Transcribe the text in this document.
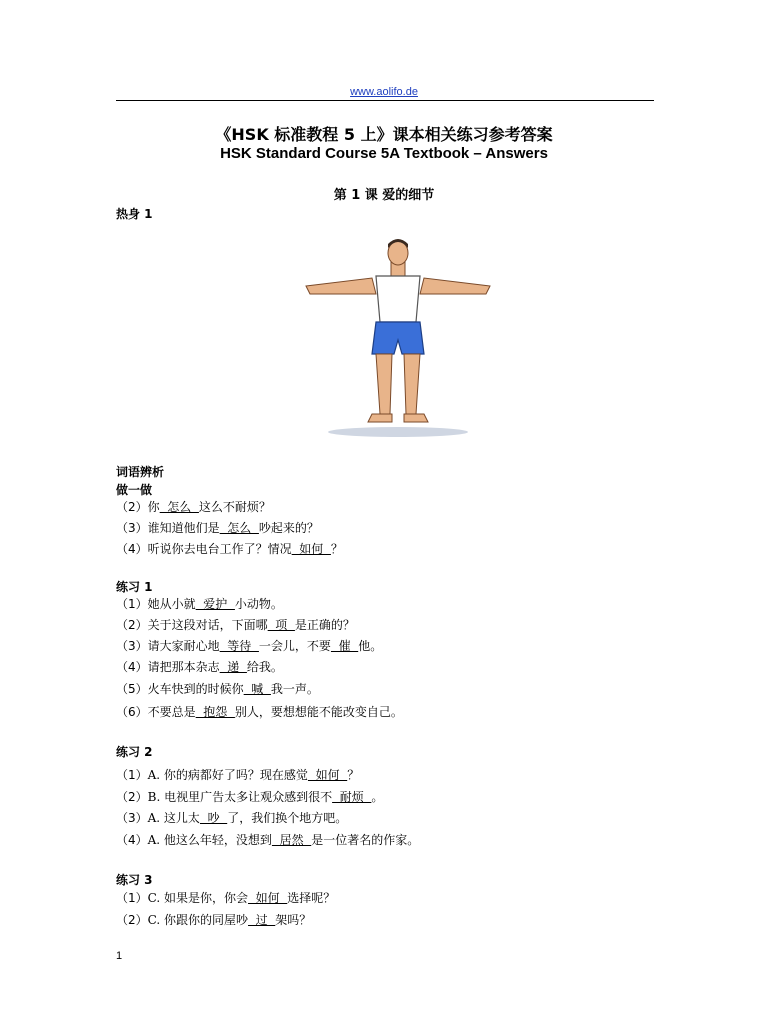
www.aolifo.de
《HSK 标准教程 5 上》课本相关练习参考答案
HSK Standard Course 5A Textbook – Answers
第 1 课 爱的细节
热身 1
词语辨析
做一做
（2）你  怎么  这么不耐烦？
（3）谁知道他们是  怎么  吵起来的？
（4）听说你去电台工作了？情况  如何  ？
练习 1
（1）她从小就  爱护  小动物。
（2）关于这段对话，下面哪  项  是正确的？
（3）请大家耐心地  等待  一会儿，不要  催  他。
（4）请把那本杂志  递  给我。
（5）火车快到的时候你  喊  我一声。
（6）不要总是  抱怨  别人，要想想能不能改变自己。
练习 2
（1）A. 你的病都好了吗？现在感觉  如何  ？
（2）B. 电视里广告太多让观众感到很不  耐烦  。
（3）A. 这儿太  吵  了，我们换个地方吧。
（4）A. 他这么年轻，没想到  居然  是一位著名的作家。
练习 3
（1）C. 如果是你，你会  如何  选择呢？
（2）C. 你跟你的同屋吵  过  架吗？
1
